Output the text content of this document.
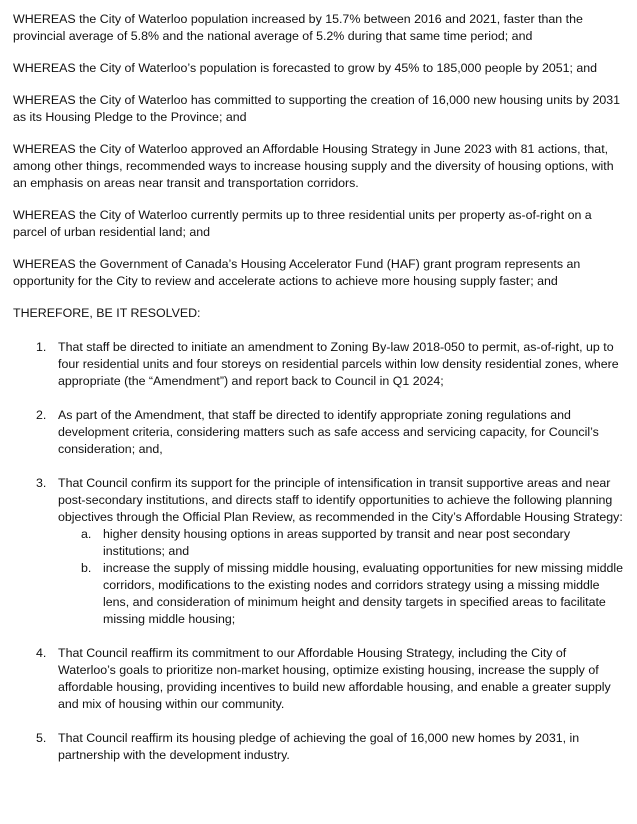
WHEREAS the City of Waterloo population increased by 15.7% between 2016 and 2021, faster than the provincial average of 5.8% and the national average of 5.2% during that same time period; and

WHEREAS the City of Waterloo’s population is forecasted to grow by 45% to 185,000 people by 2051; and

WHEREAS the City of Waterloo has committed to supporting the creation of 16,000 new housing units by 2031 as its Housing Pledge to the Province; and

WHEREAS the City of Waterloo approved an Affordable Housing Strategy in June 2023 with 81 actions, that, among other things, recommended ways to increase housing supply and the diversity of housing options, with an emphasis on areas near transit and transportation corridors.

WHEREAS the City of Waterloo currently permits up to three residential units per property as-of-right on a parcel of urban residential land; and

WHEREAS the Government of Canada’s Housing Accelerator Fund (HAF) grant program represents an opportunity for the City to review and accelerate actions to achieve more housing supply faster; and

THEREFORE, BE IT RESOLVED:

1. That staff be directed to initiate an amendment to Zoning By-law 2018-050 to permit, as-of-right, up to four residential units and four storeys on residential parcels within low density residential zones, where appropriate (the “Amendment”) and report back to Council in Q1 2024;
2. As part of the Amendment, that staff be directed to identify appropriate zoning regulations and development criteria, considering matters such as safe access and servicing capacity, for Council’s consideration; and,
3. That Council confirm its support for the principle of intensification in transit supportive areas and near post-secondary institutions, and directs staff to identify opportunities to achieve the following planning objectives through the Official Plan Review, as recommended in the City’s Affordable Housing Strategy:
a. higher density housing options in areas supported by transit and near post secondary institutions; and
b. increase the supply of missing middle housing, evaluating opportunities for new missing middle corridors, modifications to the existing nodes and corridors strategy using a missing middle lens, and consideration of minimum height and density targets in specified areas to facilitate missing middle housing;
4. That Council reaffirm its commitment to our Affordable Housing Strategy, including the City of Waterloo’s goals to prioritize non-market housing, optimize existing housing, increase the supply of affordable housing, providing incentives to build new affordable housing, and enable a greater supply and mix of housing within our community.
5. That Council reaffirm its housing pledge of achieving the goal of 16,000 new homes by 2031, in partnership with the development industry.
